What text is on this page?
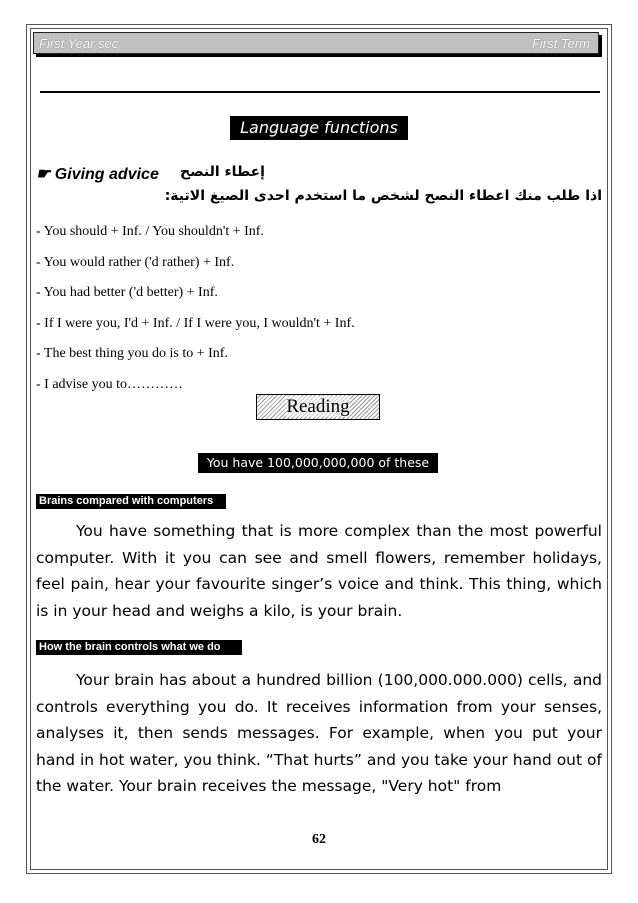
First Year sec	First Term
Language functions
☛ Giving advice إعطاء النصح
اذا طلب منك اعطاء النصح لشخص ما استخدم احدى الصيغ الاتية:
- You should + Inf. / You shouldn't + Inf.
- You would rather ('d rather) + Inf.
- You had better ('d better) + Inf.
- If I were you, I'd + Inf. / If I were you, I wouldn't + Inf.
- The best thing you do is to + Inf.
- I advise you to…………
Reading
You have 100,000,000,000 of these
Brains compared with computers

You have something that is more complex than the most powerful computer. With it you can see and smell flowers, remember holidays, feel pain, hear your favourite singer’s voice and think. This thing, which is in your head and weighs a kilo, is your brain.

How the brain controls what we do

Your brain has about a hundred billion (100,000.000.000) cells, and controls everything you do. It receives information from your senses, analyses it, then sends messages. For example, when you put your hand in hot water, you think. “That hurts” and you take your hand out of the water. Your brain receives the message, "Very hot" from

62
